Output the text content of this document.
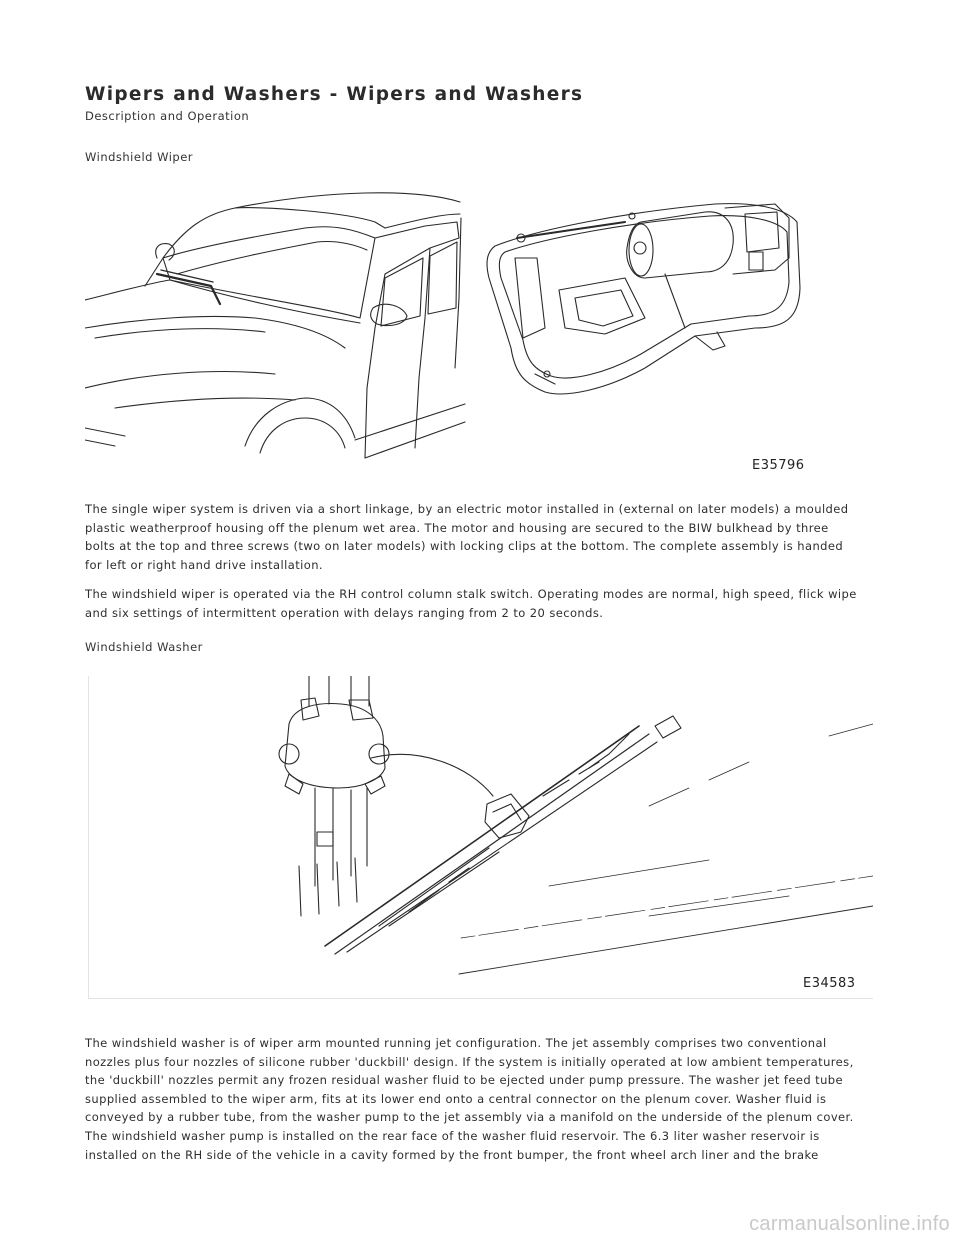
Wipers and Washers - Wipers and Washers
Description and Operation
Windshield Wiper
E35796
The single wiper system is driven via a short linkage, by an electric motor installed in (external on later models) a moulded
plastic weatherproof housing off the plenum wet area. The motor and housing are secured to the BIW bulkhead by three
bolts at the top and three screws (two on later models) with locking clips at the bottom. The complete assembly is handed
for left or right hand drive installation.
The windshield wiper is operated via the RH control column stalk switch. Operating modes are normal, high speed, flick wipe
and six settings of intermittent operation with delays ranging from 2 to 20 seconds.
Windshield Washer
E34583
The windshield washer is of wiper arm mounted running jet configuration. The jet assembly comprises two conventional
nozzles plus four nozzles of silicone rubber 'duckbill' design. If the system is initially operated at low ambient temperatures,
the 'duckbill' nozzles permit any frozen residual washer fluid to be ejected under pump pressure. The washer jet feed tube
supplied assembled to the wiper arm, fits at its lower end onto a central connector on the plenum cover. Washer fluid is
conveyed by a rubber tube, from the washer pump to the jet assembly via a manifold on the underside of the plenum cover.
The windshield washer pump is installed on the rear face of the washer fluid reservoir. The 6.3 liter washer reservoir is
installed on the RH side of the vehicle in a cavity formed by the front bumper, the front wheel arch liner and the brake
carmanualsonline.info
